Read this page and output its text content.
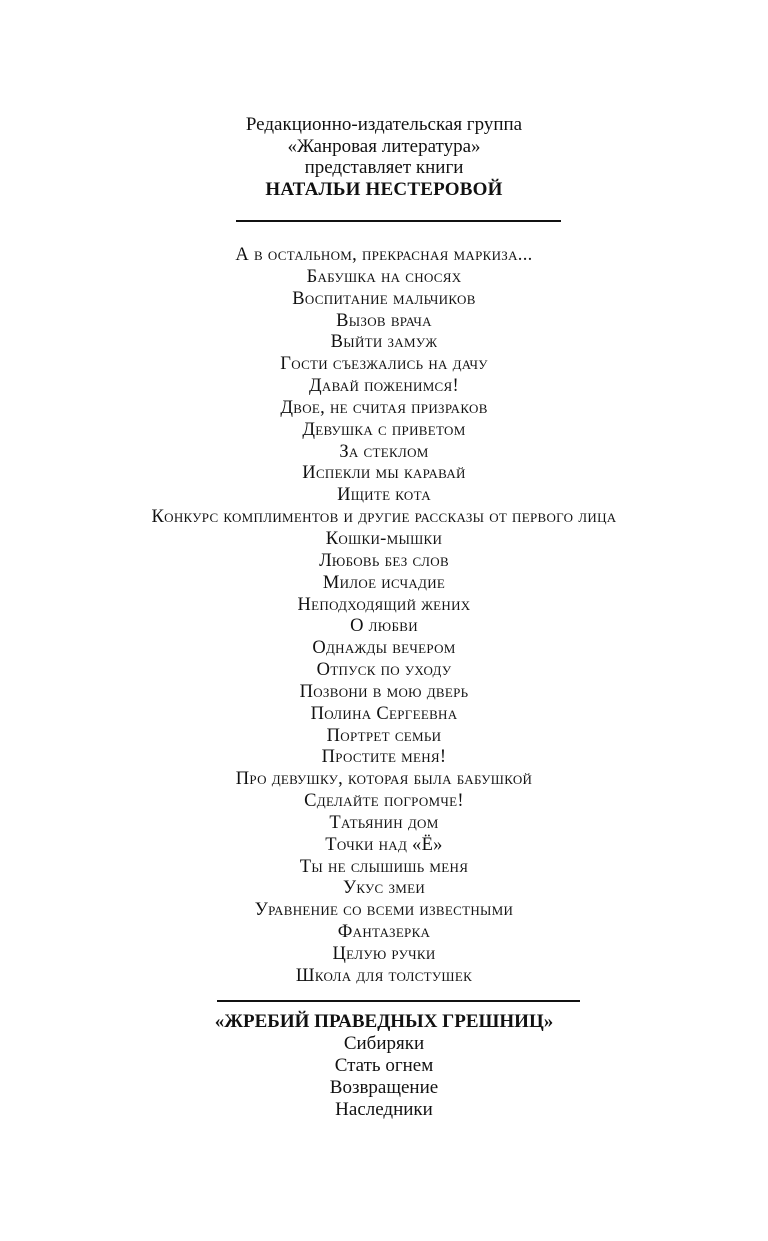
Редакционно-издательская группа
«Жанровая литература»
представляет книги
НАТАЛЬИ НЕСТЕРОВОЙ
А в остальном, прекрасная маркиза...
Бабушка на сносях
Воспитание мальчиков
Вызов врача
Выйти замуж
Гости съезжались на дачу
Давай поженимся!
Двое, не считая призраков
Девушка с приветом
За стеклом
Испекли мы каравай
Ищите кота
Конкурс комплиментов и другие рассказы от первого лица
Кошки-мышки
Любовь без слов
Милое исчадие
Неподходящий жених
О любви
Однажды вечером
Отпуск по уходу
Позвони в мою дверь
Полина Сергеевна
Портрет семьи
Простите меня!
Про девушку, которая была бабушкой
Сделайте погромче!
Татьянин дом
Точки над «Ё»
Ты не слышишь меня
Укус змеи
Уравнение со всеми известными
Фантазерка
Целую ручки
Школа для толстушек
«ЖРЕБИЙ ПРАВЕДНЫХ ГРЕШНИЦ»
Сибиряки
Стать огнем
Возвращение
Наследники
